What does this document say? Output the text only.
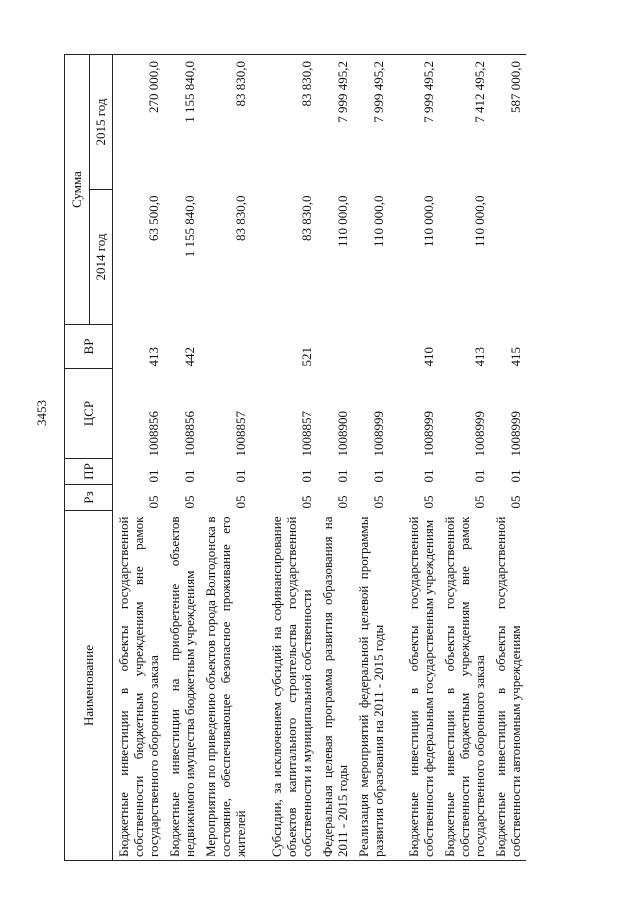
3453
Наименование	Рз	ПР	ЦСР	ВР	Сумма	
					2014 год	2015 год
Бюджетные инвестиции в объекты государственной собственности бюджетным учреждениям вне рамок государственного оборонного заказа	05	01	1008856	413	63 500,0	270 000,0
Бюджетные инвестиции на приобретение объектов недвижимого имущества бюджетным учреждениям	05	01	1008856	442	1 155 840,0	1 155 840,0
Мероприятия по приведению объектов города Волгодонска в состояние, обеспечивающее безопасное проживание его жителей	05	01	1008857		83 830,0	83 830,0
Субсидии, за исключением субсидий на софинансирование объектов капитального строительства государственной собственности и муниципальной собственности	05	01	1008857	521	83 830,0	83 830,0
Федеральная целевая программа развития образования на 2011 - 2015 годы	05	01	1008900		110 000,0	7 999 495,2
Реализация мероприятий федеральной целевой программы развития образования на 2011 - 2015 годы	05	01	1008999		110 000,0	7 999 495,2
Бюджетные инвестиции в объекты государственной собственности федеральным государственным учреждениям	05	01	1008999	410	110 000,0	7 999 495,2
Бюджетные инвестиции в объекты государственной собственности бюджетным учреждениям вне рамок государственного оборонного заказа	05	01	1008999	413	110 000,0	7 412 495,2
Бюджетные инвестиции в объекты государственной собственности автономным учреждениям	05	01	1008999	415		587 000,0
